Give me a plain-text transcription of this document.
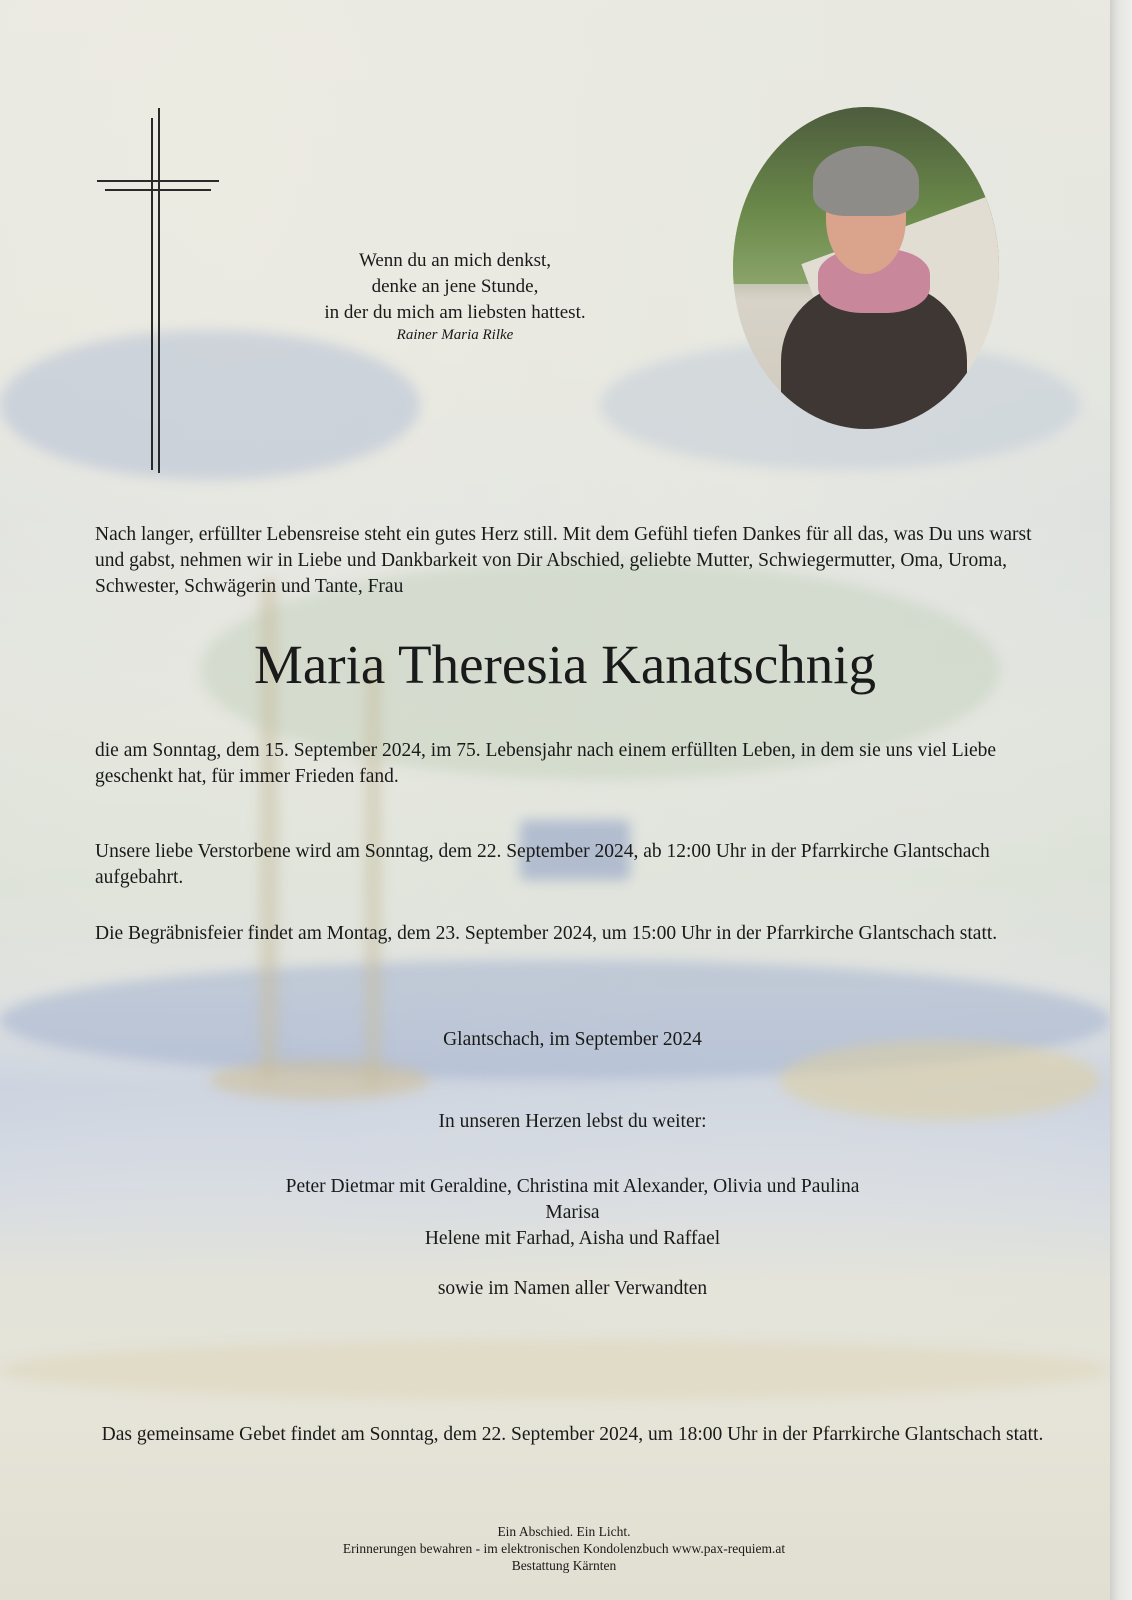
Wenn du an mich denkst,
denke an jene Stunde,
in der du mich am liebsten hattest.
Rainer Maria Rilke
Nach langer, erfüllter Lebensreise steht ein gutes Herz still. Mit dem Gefühl tiefen Dankes für all das, was Du uns warst und gabst, nehmen wir in Liebe und Dankbarkeit von Dir Abschied, geliebte Mutter, Schwiegermutter, Oma, Uroma, Schwester, Schwägerin und Tante, Frau
Maria Theresia Kanatschnig
die am Sonntag, dem 15. September 2024, im 75. Lebensjahr nach einem erfüllten Leben, in dem sie uns viel Liebe geschenkt hat, für immer Frieden fand.
Unsere liebe Verstorbene wird am Sonntag, dem 22. September 2024, ab 12:00 Uhr in der Pfarrkirche Glantschach aufgebahrt.
Die Begräbnisfeier findet am Montag, dem 23. September 2024, um 15:00 Uhr in der Pfarrkirche Glantschach statt.
Glantschach, im September 2024
In unseren Herzen lebst du weiter:
Peter Dietmar mit Geraldine, Christina mit Alexander, Olivia und Paulina
Marisa
Helene mit Farhad, Aisha und Raffael
sowie im Namen aller Verwandten
Das gemeinsame Gebet findet am Sonntag, dem 22. September 2024, um 18:00 Uhr in der Pfarrkirche Glantschach statt.
Ein Abschied. Ein Licht.
Erinnerungen bewahren - im elektronischen Kondolenzbuch www.pax-requiem.at
Bestattung Kärnten
